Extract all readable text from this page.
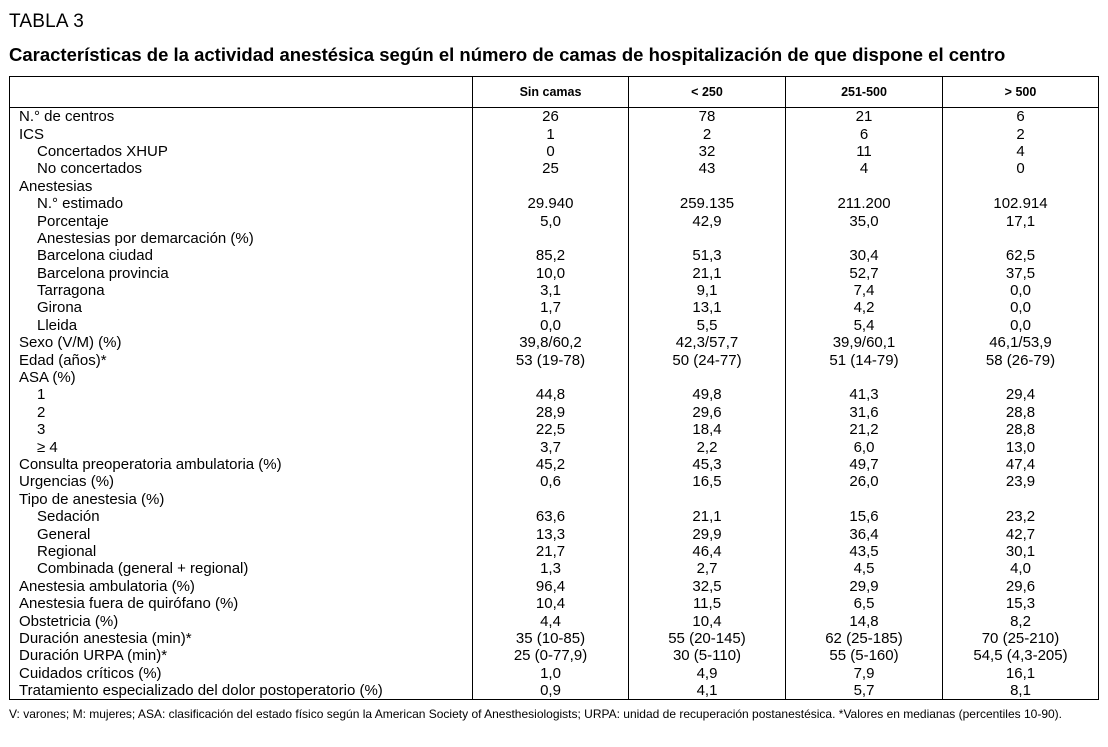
TABLA 3
Características de la actividad anestésica según el número de camas de hospitalización de que dispone el centro
	Sin camas	< 250	251-500	> 500
N.° de centros	26	78	21	6
ICS	1	2	6	2
Concertados XHUP	0	32	11	4
No concertados	25	43	4	0
Anestesias				
N.° estimado	29.940	259.135	211.200	102.914
Porcentaje	5,0	42,9	35,0	17,1
Anestesias por demarcación (%)				
Barcelona ciudad	85,2	51,3	30,4	62,5
Barcelona provincia	10,0	21,1	52,7	37,5
Tarragona	3,1	9,1	7,4	0,0
Girona	1,7	13,1	4,2	0,0
Lleida	0,0	5,5	5,4	0,0
Sexo (V/M) (%)	39,8/60,2	42,3/57,7	39,9/60,1	46,1/53,9
Edad (años)*	53 (19-78)	50 (24-77)	51 (14-79)	58 (26-79)
ASA (%)				
1	44,8	49,8	41,3	29,4
2	28,9	29,6	31,6	28,8
3	22,5	18,4	21,2	28,8
≥ 4	3,7	2,2	6,0	13,0
Consulta preoperatoria ambulatoria (%)	45,2	45,3	49,7	47,4
Urgencias (%)	0,6	16,5	26,0	23,9
Tipo de anestesia (%)				
Sedación	63,6	21,1	15,6	23,2
General	13,3	29,9	36,4	42,7
Regional	21,7	46,4	43,5	30,1
Combinada (general + regional)	1,3	2,7	4,5	4,0
Anestesia ambulatoria (%)	96,4	32,5	29,9	29,6
Anestesia fuera de quirófano (%)	10,4	11,5	6,5	15,3
Obstetricia (%)	4,4	10,4	14,8	8,2
Duración anestesia (min)*	35 (10-85)	55 (20-145)	62 (25-185)	70 (25-210)
Duración URPA (min)*	25 (0-77,9)	30 (5-110)	55 (5-160)	54,5 (4,3-205)
Cuidados críticos (%)	1,0	4,9	7,9	16,1
Tratamiento especializado del dolor postoperatorio (%)	0,9	4,1	5,7	8,1
V: varones; M: mujeres; ASA: clasificación del estado físico según la American Society of Anesthesiologists; URPA: unidad de recuperación postanestésica. *Valores en medianas (percentiles 10-90).
